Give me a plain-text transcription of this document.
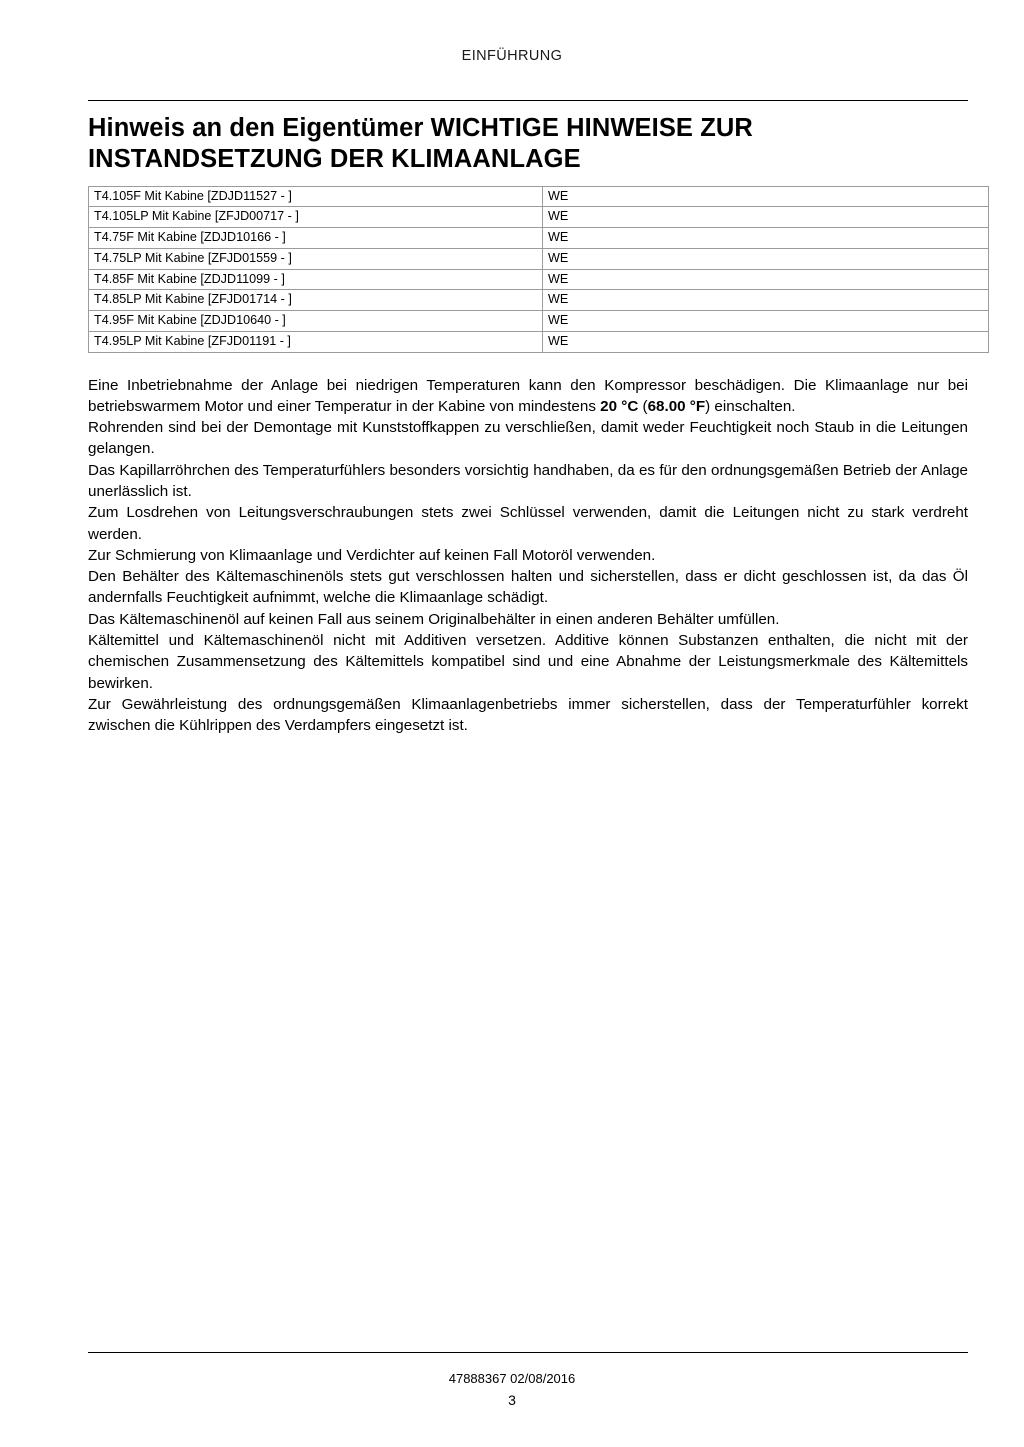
EINFÜHRUNG
Hinweis an den Eigentümer WICHTIGE HINWEISE ZUR INSTANDSETZUNG DER KLIMAANLAGE
T4.105F Mit Kabine [ZDJD11527 - ]	WE
T4.105LP Mit Kabine [ZFJD00717 - ]	WE
T4.75F Mit Kabine [ZDJD10166 - ]	WE
T4.75LP Mit Kabine [ZFJD01559 - ]	WE
T4.85F Mit Kabine [ZDJD11099 - ]	WE
T4.85LP Mit Kabine [ZFJD01714 - ]	WE
T4.95F Mit Kabine [ZDJD10640 - ]	WE
T4.95LP Mit Kabine [ZFJD01191 - ]	WE

Eine Inbetriebnahme der Anlage bei niedrigen Temperaturen kann den Kompressor beschädigen. Die Klimaanlage nur bei betriebswarmem Motor und einer Temperatur in der Kabine von mindestens 20 °C (68.00 °F) einschalten.

Rohrenden sind bei der Demontage mit Kunststoffkappen zu verschließen, damit weder Feuchtigkeit noch Staub in die Leitungen gelangen.

Das Kapillarröhrchen des Temperaturfühlers besonders vorsichtig handhaben, da es für den ordnungsgemäßen Betrieb der Anlage unerlässlich ist.

Zum Losdrehen von Leitungsverschraubungen stets zwei Schlüssel verwenden, damit die Leitungen nicht zu stark verdreht werden.

Zur Schmierung von Klimaanlage und Verdichter auf keinen Fall Motoröl verwenden.

Den Behälter des Kältemaschinenöls stets gut verschlossen halten und sicherstellen, dass er dicht geschlossen ist, da das Öl andernfalls Feuchtigkeit aufnimmt, welche die Klimaanlage schädigt.

Das Kältemaschinenöl auf keinen Fall aus seinem Originalbehälter in einen anderen Behälter umfüllen.

Kältemittel und Kältemaschinenöl nicht mit Additiven versetzen. Additive können Substanzen enthalten, die nicht mit der chemischen Zusammensetzung des Kältemittels kompatibel sind und eine Abnahme der Leistungsmerkmale des Kältemittels bewirken.

Zur Gewährleistung des ordnungsgemäßen Klimaanlagenbetriebs immer sicherstellen, dass der Temperaturfühler korrekt zwischen die Kühlrippen des Verdampfers eingesetzt ist.

47888367 02/08/2016
3
